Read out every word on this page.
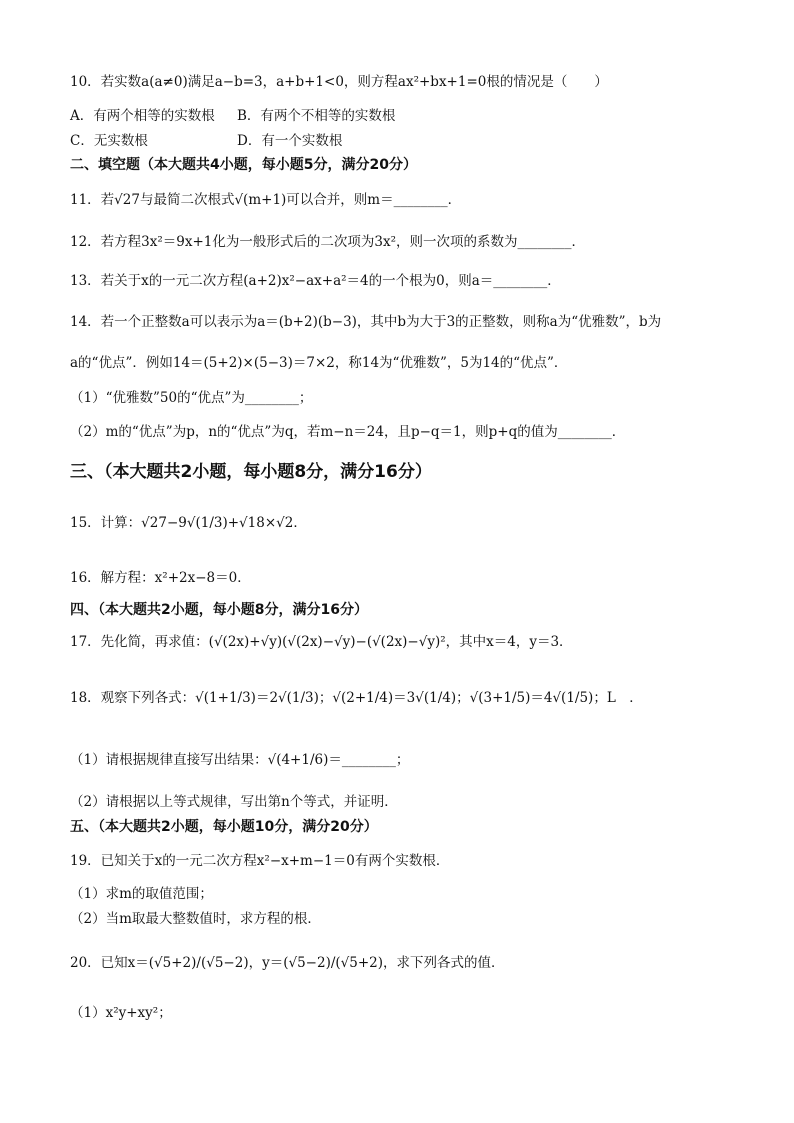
10．若实数a(a≠0)满足a−b=3，a+b+1<0，则方程ax²+bx+1=0根的情况是（　　）
A．有两个相等的实数根 B．有两个不相等的实数根
C．无实数根	D．有一个实数根
二、填空题（本大题共4小题，每小题5分，满分20分）
11．若√27与最简二次根式√(m+1)可以合并，则m＝________．
12．若方程3x²＝9x+1化为一般形式后的二次项为3x²，则一次项的系数为________．
13．若关于x的一元二次方程(a+2)x²−ax+a²＝4的一个根为0，则a＝________．
14．若一个正整数a可以表示为a＝(b+2)(b−3)，其中b为大于3的正整数，则称a为“优雅数”，b为
a的“优点”．例如14＝(5+2)×(5−3)＝7×2，称14为“优雅数”，5为14的“优点”．
（1）“优雅数”50的“优点”为________；
（2）m的“优点”为p，n的“优点”为q，若m−n＝24，且p−q＝1，则p+q的值为________．
三、（本大题共2小题，每小题8分，满分16分）
15．计算：√27−9√(1/3)+√18×√2．
16．解方程：x²+2x−8＝0．
四、（本大题共2小题，每小题8分，满分16分）
17．先化简，再求值：(√(2x)+√y)(√(2x)−√y)−(√(2x)−√y)²，其中x＝4，y＝3．
18．观察下列各式：√(1+1/3)＝2√(1/3)；√(2+1/4)＝3√(1/4)；√(3+1/5)＝4√(1/5)；L　．
（1）请根据规律直接写出结果：√(4+1/6)＝________；
（2）请根据以上等式规律，写出第n个等式，并证明．
五、（本大题共2小题，每小题10分，满分20分）
19．已知关于x的一元二次方程x²−x+m−1＝0有两个实数根．
（1）求m的取值范围；
（2）当m取最大整数值时，求方程的根．
20．已知x＝(√5+2)/(√5−2)，y＝(√5−2)/(√5+2)，求下列各式的值．
（1）x²y+xy²；
